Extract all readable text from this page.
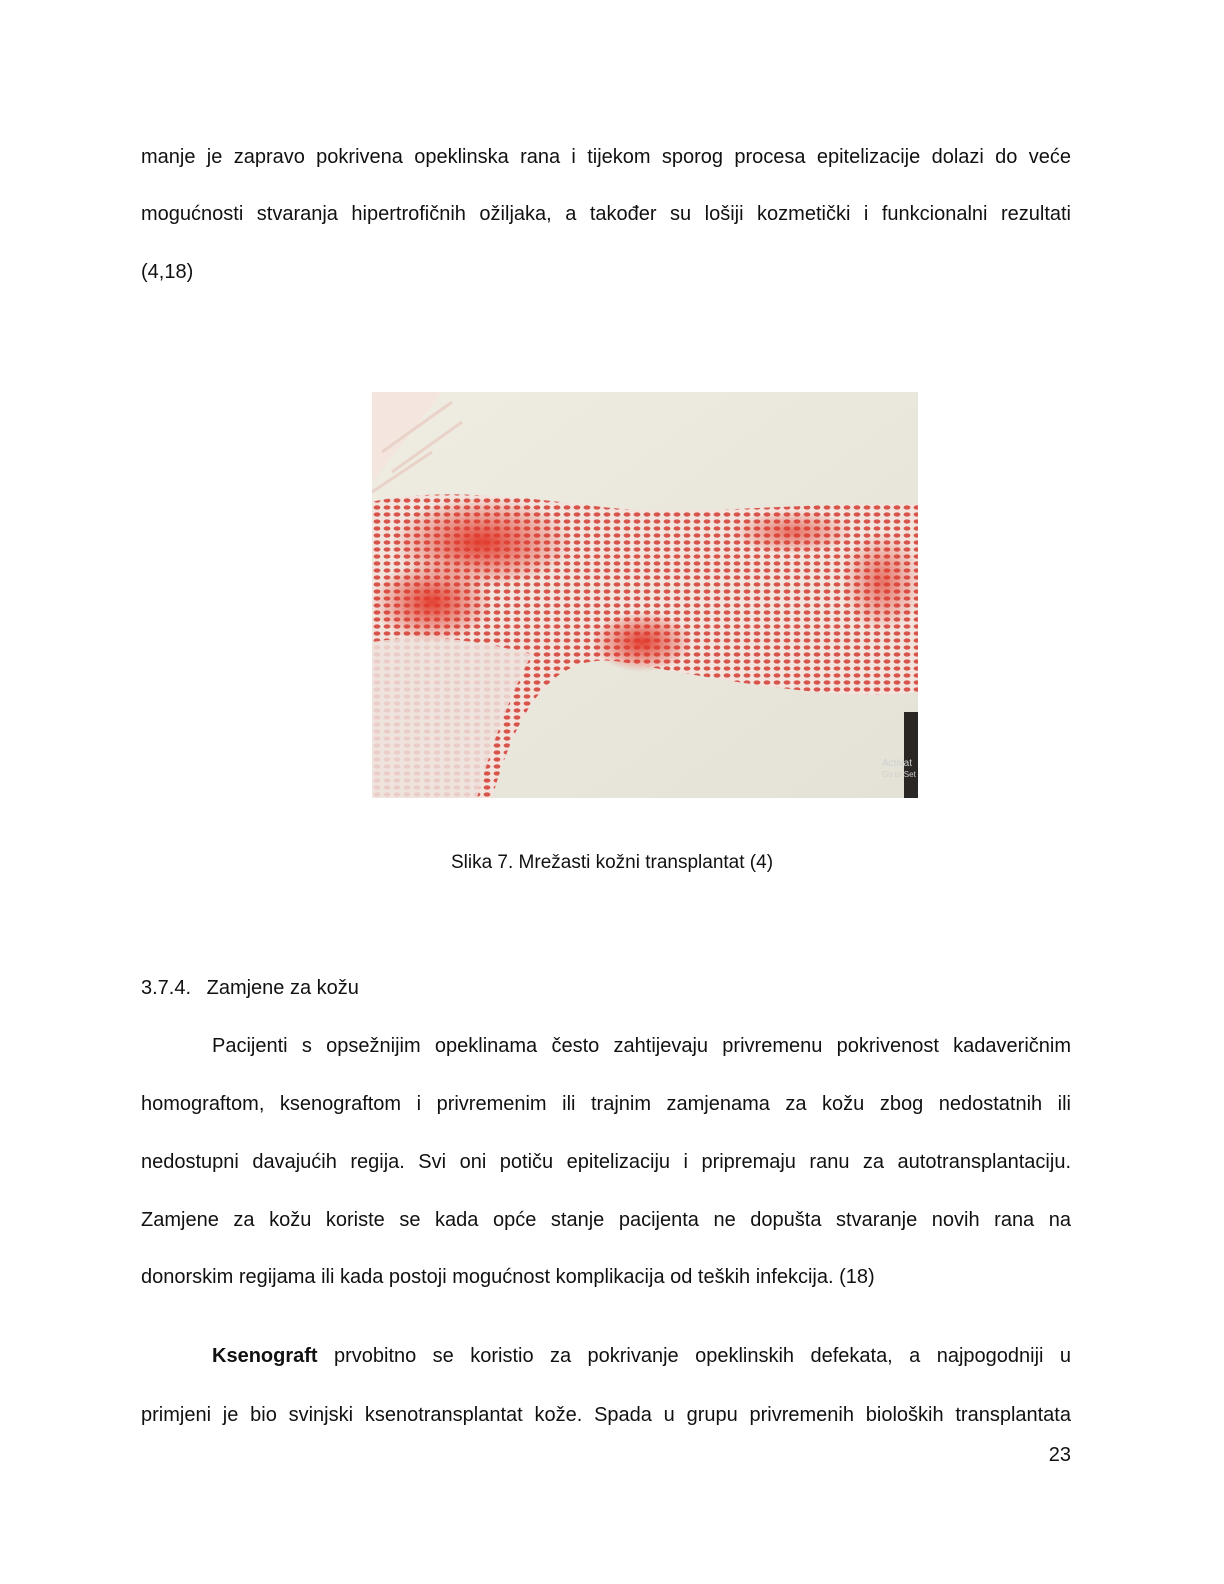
manje je zapravo pokrivena opeklinska rana i tijekom sporog procesa epitelizacije dolazi do veće
mogućnosti stvaranja hipertrofičnih ožiljaka, a također su lošiji kozmetički i funkcionalni rezultati
(4,18)
Activat
Go to Set
Slika 7. Mrežasti kožni transplantat (4)
3.7.4. Zamjene za kožu
Pacijenti s opsežnijim opeklinama često zahtijevaju privremenu pokrivenost kadaveričnim
homograftom, ksenograftom i privremenim ili trajnim zamjenama za kožu zbog nedostatnih ili
nedostupni davajućih regija. Svi oni potiču epitelizaciju i pripremaju ranu za autotransplantaciju.
Zamjene za kožu koriste se kada opće stanje pacijenta ne dopušta stvaranje novih rana na
donorskim regijama ili kada postoji mogućnost komplikacija od teških infekcija. (18)
Ksenograft prvobitno se koristio za pokrivanje opeklinskih defekata, a najpogodniji u
primjeni je bio svinjski ksenotransplantat kože. Spada u grupu privremenih bioloških transplantata
23
